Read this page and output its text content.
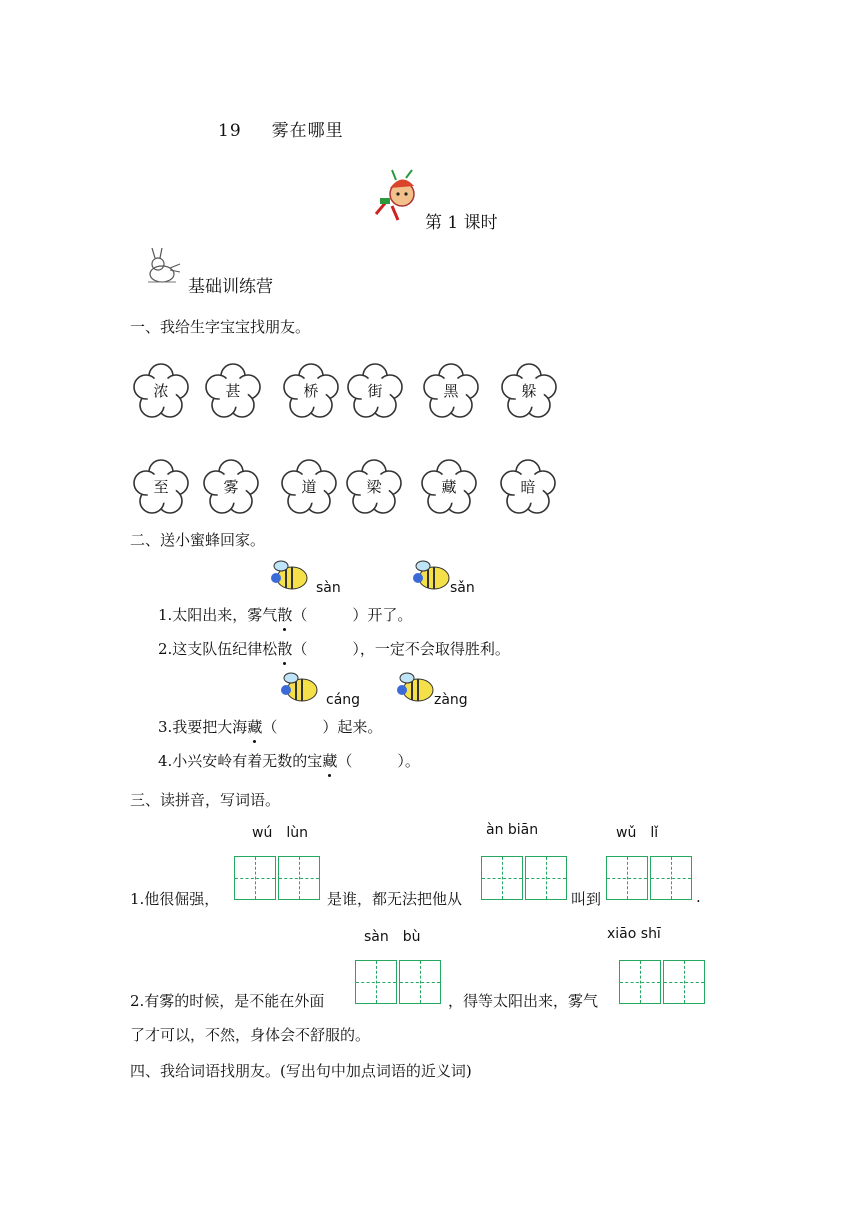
19 雾在哪里
第 1 课时
基础训练营
一、我给生字宝宝找朋友。
浓	甚	桥	街	黑	躲
至	雾	道	梁	藏	暗
二、送小蜜蜂回家。
sàn	sǎn
1.太阳出来，雾气散（　　　）开了。
2.这支队伍纪律松散（　　　），一定不会取得胜利。
cáng	zàng
3.我要把大海藏（　　　）起来。
4.小兴安岭有着无数的宝藏（　　　）。
三、读拼音，写词语。
wú　lùn	àn biān	wǔ　lǐ
1.他很倔强，	是谁，都无法把他从	叫到	.
sàn　bù	xiāo shī
2.有雾的时候，是不能在外面	，得等太阳出来，雾气
了才可以，不然，身体会不舒服的。
四、我给词语找朋友。(写出句中加点词语的近义词)
